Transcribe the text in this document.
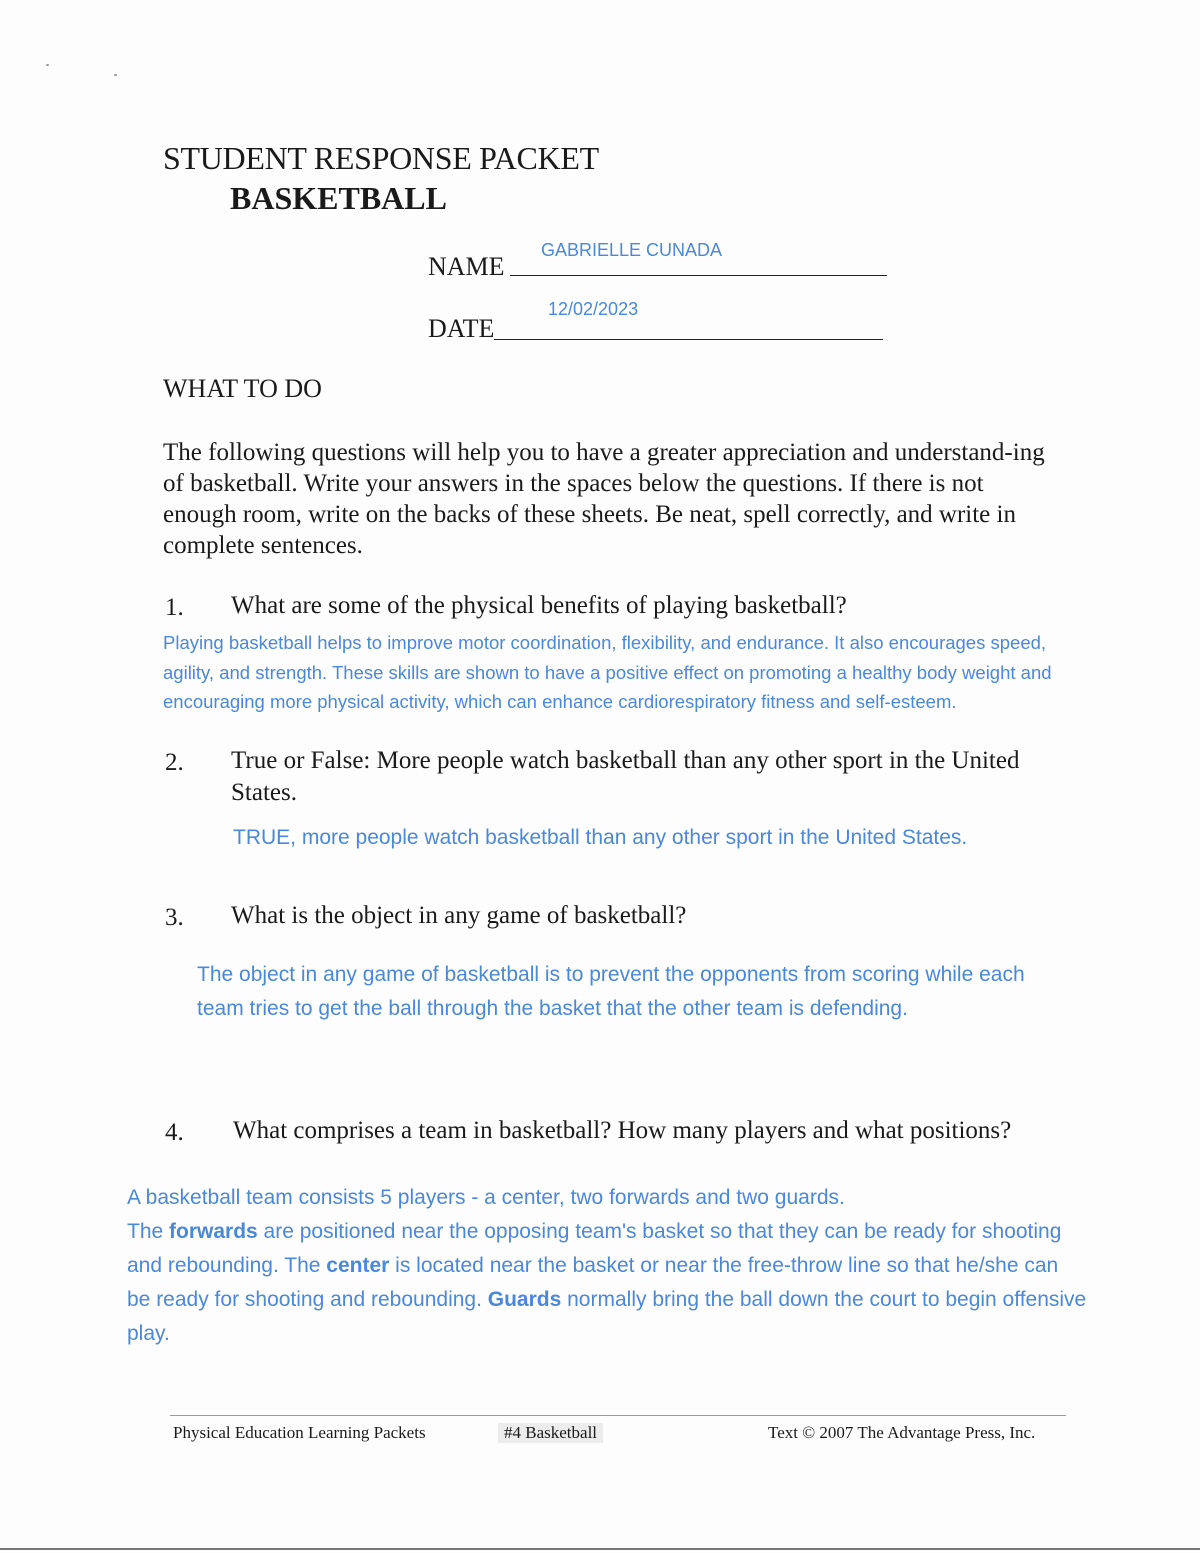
STUDENT RESPONSE PACKET
BASKETBALL
NAME
GABRIELLE CUNADA
DATE
12/02/2023
WHAT TO DO
The following questions will help you to have a greater appreciation and understand-ing of basketball. Write your answers in the spaces below the questions. If there is not enough room, write on the backs of these sheets. Be neat, spell correctly, and write in complete sentences.
1. What are some of the physical benefits of playing basketball?
Playing basketball helps to improve motor coordination, flexibility, and endurance. It also encourages speed, agility, and strength. These skills are shown to have a positive effect on promoting a healthy body weight and encouraging more physical activity, which can enhance cardiorespiratory fitness and self-esteem.
2. True or False: More people watch basketball than any other sport in the United States.
TRUE, more people watch basketball than any other sport in the United States.
3. What is the object in any game of basketball?
The object in any game of basketball is to prevent the opponents from scoring while each team tries to get the ball through the basket that the other team is defending.
4. What comprises a team in basketball? How many players and what positions?
A basketball team consists 5 players - a center, two forwards and two guards.
The forwards are positioned near the opposing team's basket so that they can be ready for shooting and rebounding. The center is located near the basket or near the free-throw line so that he/she can be ready for shooting and rebounding. Guards normally bring the ball down the court to begin offensive play.
Physical Education Learning Packets	#4 Basketball	Text © 2007 The Advantage Press, Inc.
